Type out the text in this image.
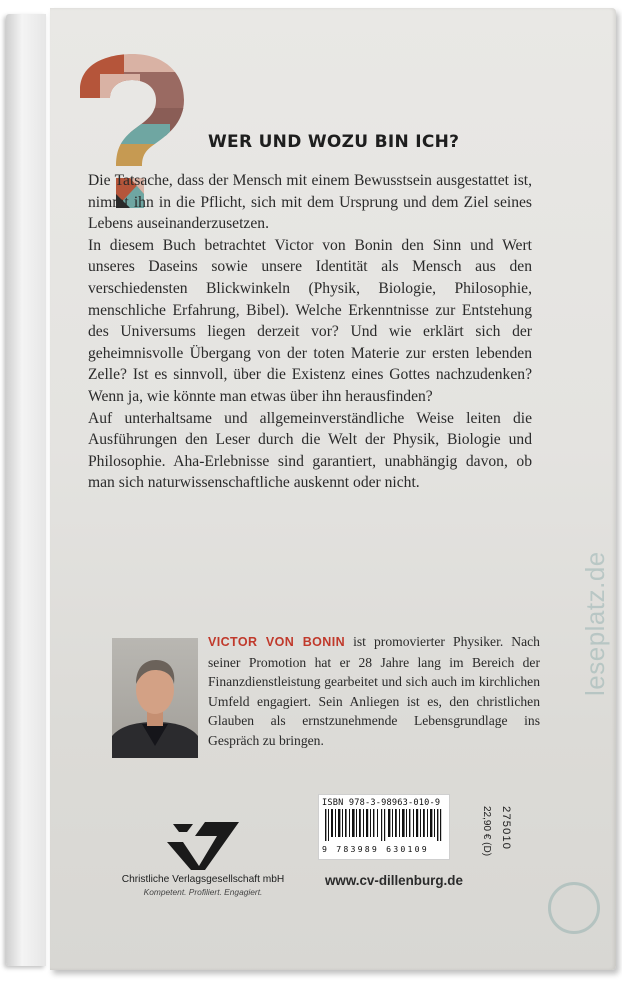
WER UND WOZU BIN ICH?

Die Tatsache, dass der Mensch mit einem Bewusstsein ausgestattet ist, nimmt ihn in die Pflicht, sich mit dem Ursprung und dem Ziel seines Lebens auseinanderzusetzen.

In diesem Buch betrachtet Victor von Bonin den Sinn und Wert unseres Daseins sowie unsere Identität als Mensch aus den verschiedensten Blickwinkeln (Physik, Biologie, Philosophie, menschliche Erfahrung, Bibel). Welche Erkenntnisse zur Entstehung des Universums liegen derzeit vor? Und wie erklärt sich der geheimnisvolle Übergang von der toten Materie zur ersten lebenden Zelle? Ist es sinnvoll, über die Existenz eines Gottes nachzudenken? Wenn ja, wie könnte man etwas über ihn herausfinden?

Auf unterhaltsame und allgemeinverständliche Weise leiten die Ausführungen den Leser durch die Welt der Physik, Biologie und Philosophie. Aha-Erlebnisse sind garantiert, unabhängig davon, ob man sich naturwissenschaftliche auskennt oder nicht.

VICTOR VON BONIN ist promovierter Physiker. Nach seiner Promotion hat er 28 Jahre lang im Bereich der Finanzdienstleistung gearbeitet und sich auch im kirchlichen Umfeld engagiert. Sein Anliegen ist es, den christlichen Glauben als ernstzunehmende Lebensgrundlage ins Gespräch zu bringen.
Christliche Verlagsgesellschaft mbH
Kompetent. Profiliert. Engagiert.
ISBN 978-3-98963-010-9
9 783989 630109	22,90 € (D) 275010
www.cv-dillenburg.de
leseplatz.de
